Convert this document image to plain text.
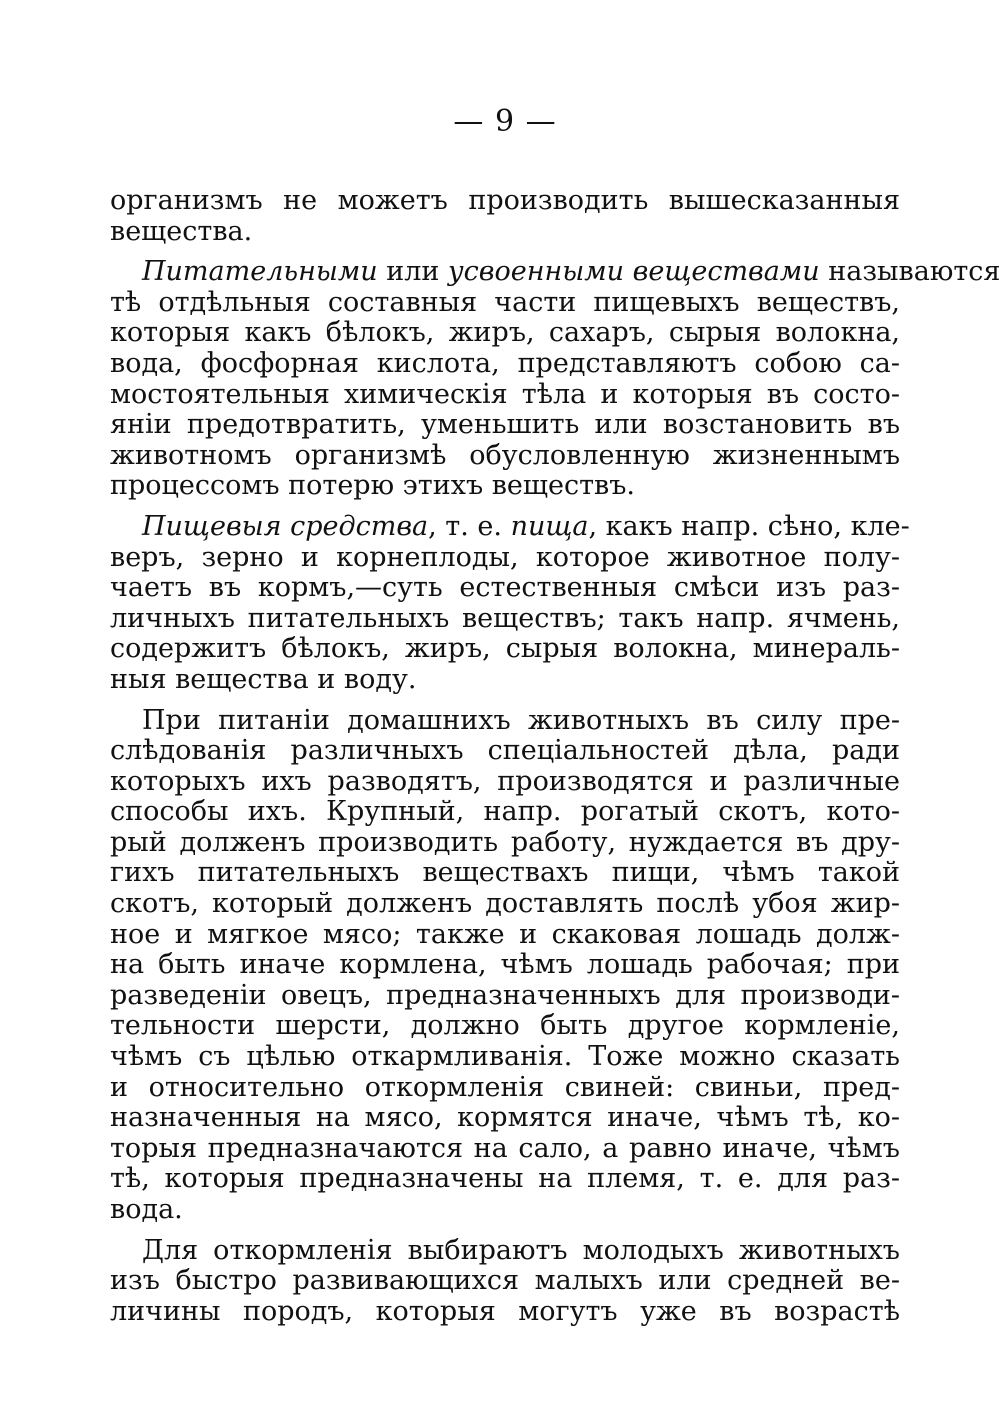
— 9 —
организмъ не можетъ производить вышесказанныя
вещества.
Питательными или усвоенными веществами называются
тѣ отдѣльныя составныя части пищевыхъ веществъ,
которыя какъ бѣлокъ, жиръ, сахаръ, сырыя волокна,
вода, фосфорная кислота, представляютъ собою са-
мостоятельныя химическія тѣла и которыя въ состо-
яніи предотвратить, уменьшить или возстановить въ
животномъ организмѣ обусловленную жизненнымъ
процессомъ потерю этихъ веществъ.
Пищевыя средства, т. е. пища, какъ напр. сѣно, кле-
веръ, зерно и корнеплоды, которое животное полу-
чаетъ въ кормъ,—суть естественныя смѣси изъ раз-
личныхъ питательныхъ веществъ; такъ напр. ячмень,
содержитъ бѣлокъ, жиръ, сырыя волокна, минераль-
ныя вещества и воду.
При питаніи домашнихъ животныхъ въ силу пре-
слѣдованія различныхъ спеціальностей дѣла, ради
которыхъ ихъ разводятъ, производятся и различные
способы ихъ. Крупный, напр. рогатый скотъ, кото-
рый долженъ производить работу, нуждается въ дру-
гихъ питательныхъ веществахъ пищи, чѣмъ такой
скотъ, который долженъ доставлять послѣ убоя жир-
ное и мягкое мясо; также и скаковая лошадь долж-
на быть иначе кормлена, чѣмъ лошадь рабочая; при
разведеніи овецъ, предназначенныхъ для производи-
тельности шерсти, должно быть другое кормленіе,
чѣмъ съ цѣлью откармливанія. Тоже можно сказать
и относительно откормленія свиней: свиньи, пред-
назначенныя на мясо, кормятся иначе, чѣмъ тѣ, ко-
торыя предназначаются на сало, а равно иначе, чѣмъ
тѣ, которыя предназначены на племя, т. е. для раз-
вода.
Для откормленія выбираютъ молодыхъ животныхъ
изъ быстро развивающихся малыхъ или средней ве-
личины породъ, которыя могутъ уже въ возрастѣ
